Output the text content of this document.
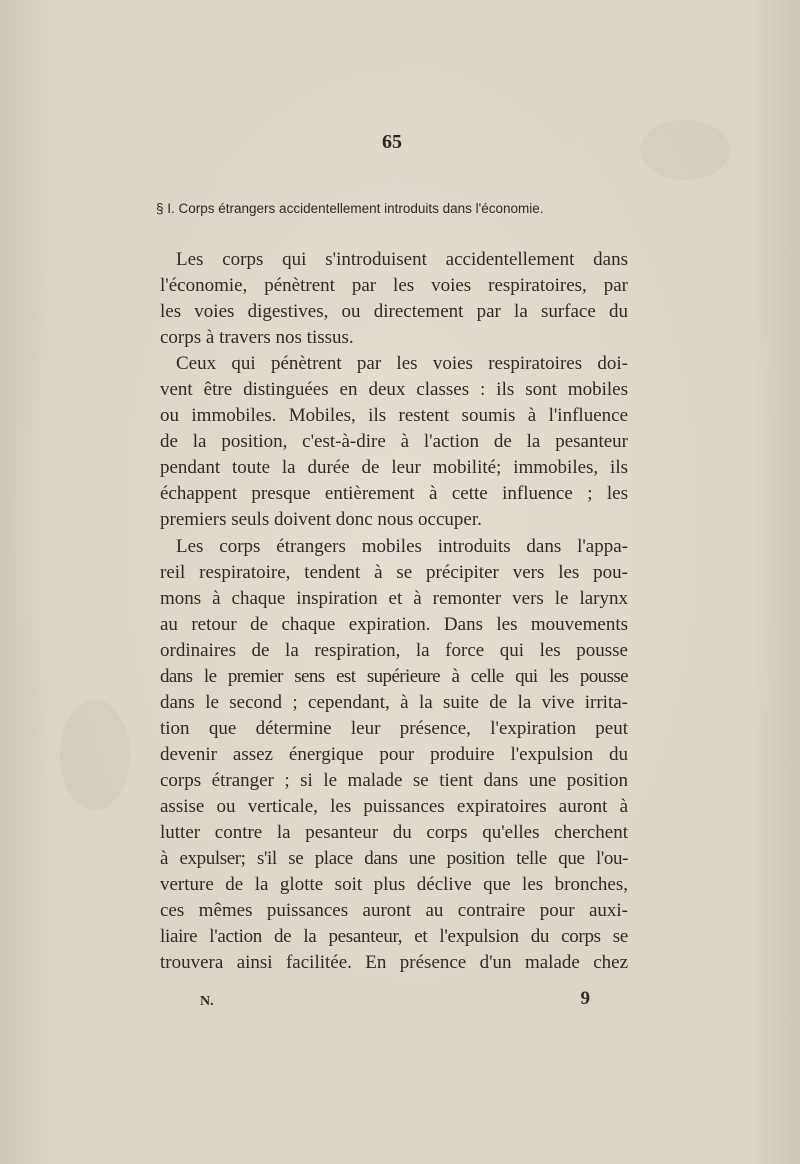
65
§ I. Corps étrangers accidentellement introduits dans l'économie.
Les corps qui s'introduisent accidentellement dans
l'économie, pénètrent par les voies respiratoires, par
les voies digestives, ou directement par la surface du
corps à travers nos tissus.
Ceux qui pénètrent par les voies respiratoires doi-
vent être distinguées en deux classes : ils sont mobiles
ou immobiles. Mobiles, ils restent soumis à l'influence
de la position, c'est-à-dire à l'action de la pesanteur
pendant toute la durée de leur mobilité; immobiles, ils
échappent presque entièrement à cette influence ; les
premiers seuls doivent donc nous occuper.
Les corps étrangers mobiles introduits dans l'appa-
reil respiratoire, tendent à se précipiter vers les pou-
mons à chaque inspiration et à remonter vers le larynx
au retour de chaque expiration. Dans les mouvements
ordinaires de la respiration, la force qui les pousse
dans le premier sens est supérieure à celle qui les pousse
dans le second ; cependant, à la suite de la vive irrita-
tion que détermine leur présence, l'expiration peut
devenir assez énergique pour produire l'expulsion du
corps étranger ; si le malade se tient dans une position
assise ou verticale, les puissances expiratoires auront à
lutter contre la pesanteur du corps qu'elles cherchent
à expulser; s'il se place dans une position telle que l'ou-
verture de la glotte soit plus déclive que les bronches,
ces mêmes puissances auront au contraire pour auxi-
liaire l'action de la pesanteur, et l'expulsion du corps se
trouvera ainsi facilitée. En présence d'un malade chez
N.	9
